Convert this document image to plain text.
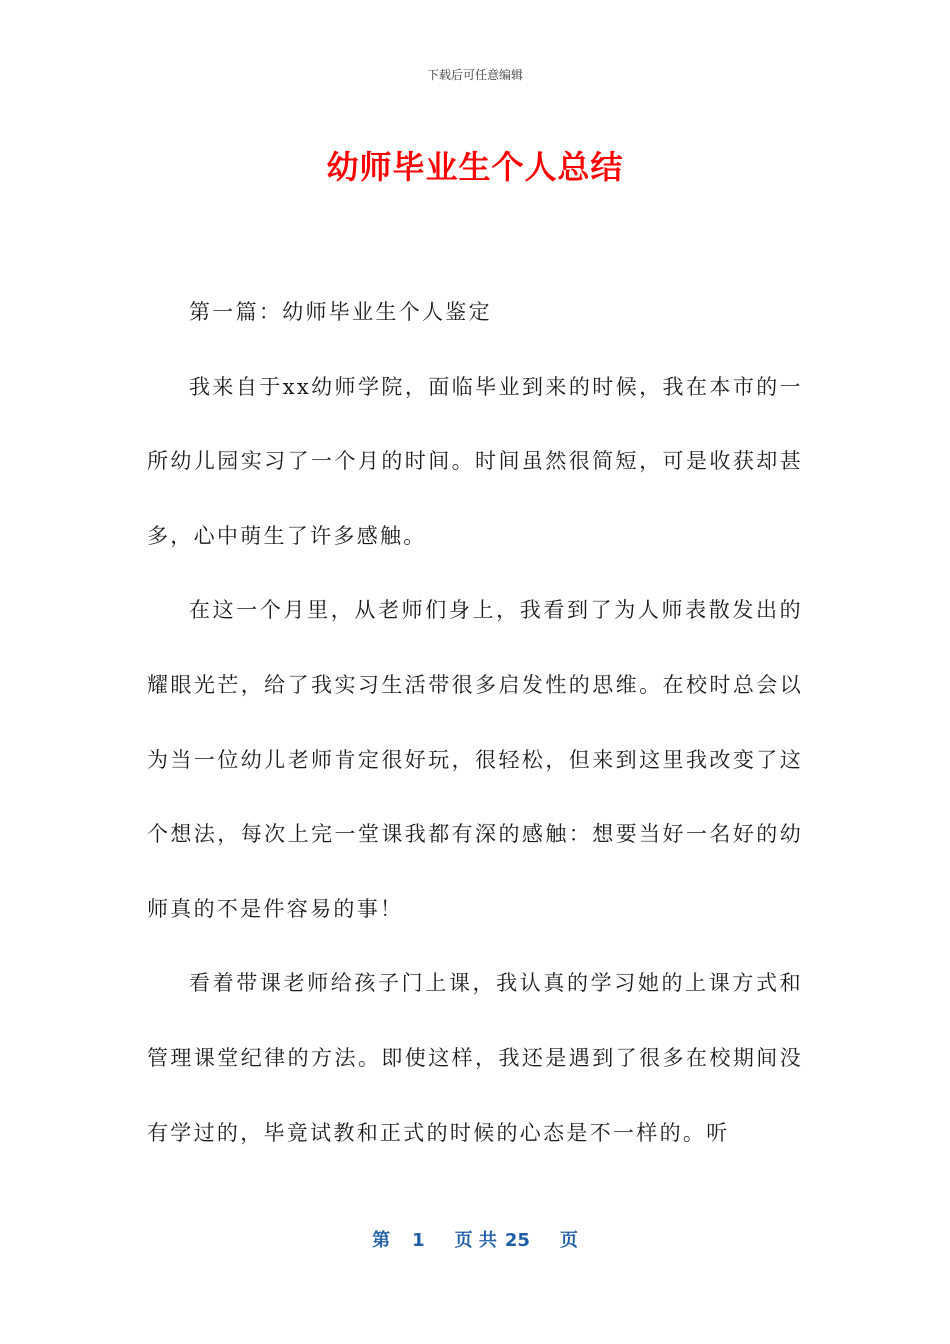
下载后可任意编辑
幼师毕业生个人总结

第一篇：幼师毕业生个人鉴定

我来自于xx幼师学院，面临毕业到来的时候，我在本市的一所幼儿园实习了一个月的时间。时间虽然很简短，可是收获却甚多，心中萌生了许多感触。

在这一个月里，从老师们身上，我看到了为人师表散发出的耀眼光芒，给了我实习生活带很多启发性的思维。在校时总会以为当一位幼儿老师肯定很好玩，很轻松，但来到这里我改变了这个想法，每次上完一堂课我都有深的感触：想要当好一名好的幼师真的不是件容易的事！

看着带课老师给孩子门上课，我认真的学习她的上课方式和管理课堂纪律的方法。即使这样，我还是遇到了很多在校期间没有学过的，毕竟试教和正式的时候的心态是不一样的。听

第 1 页 共 25 页
